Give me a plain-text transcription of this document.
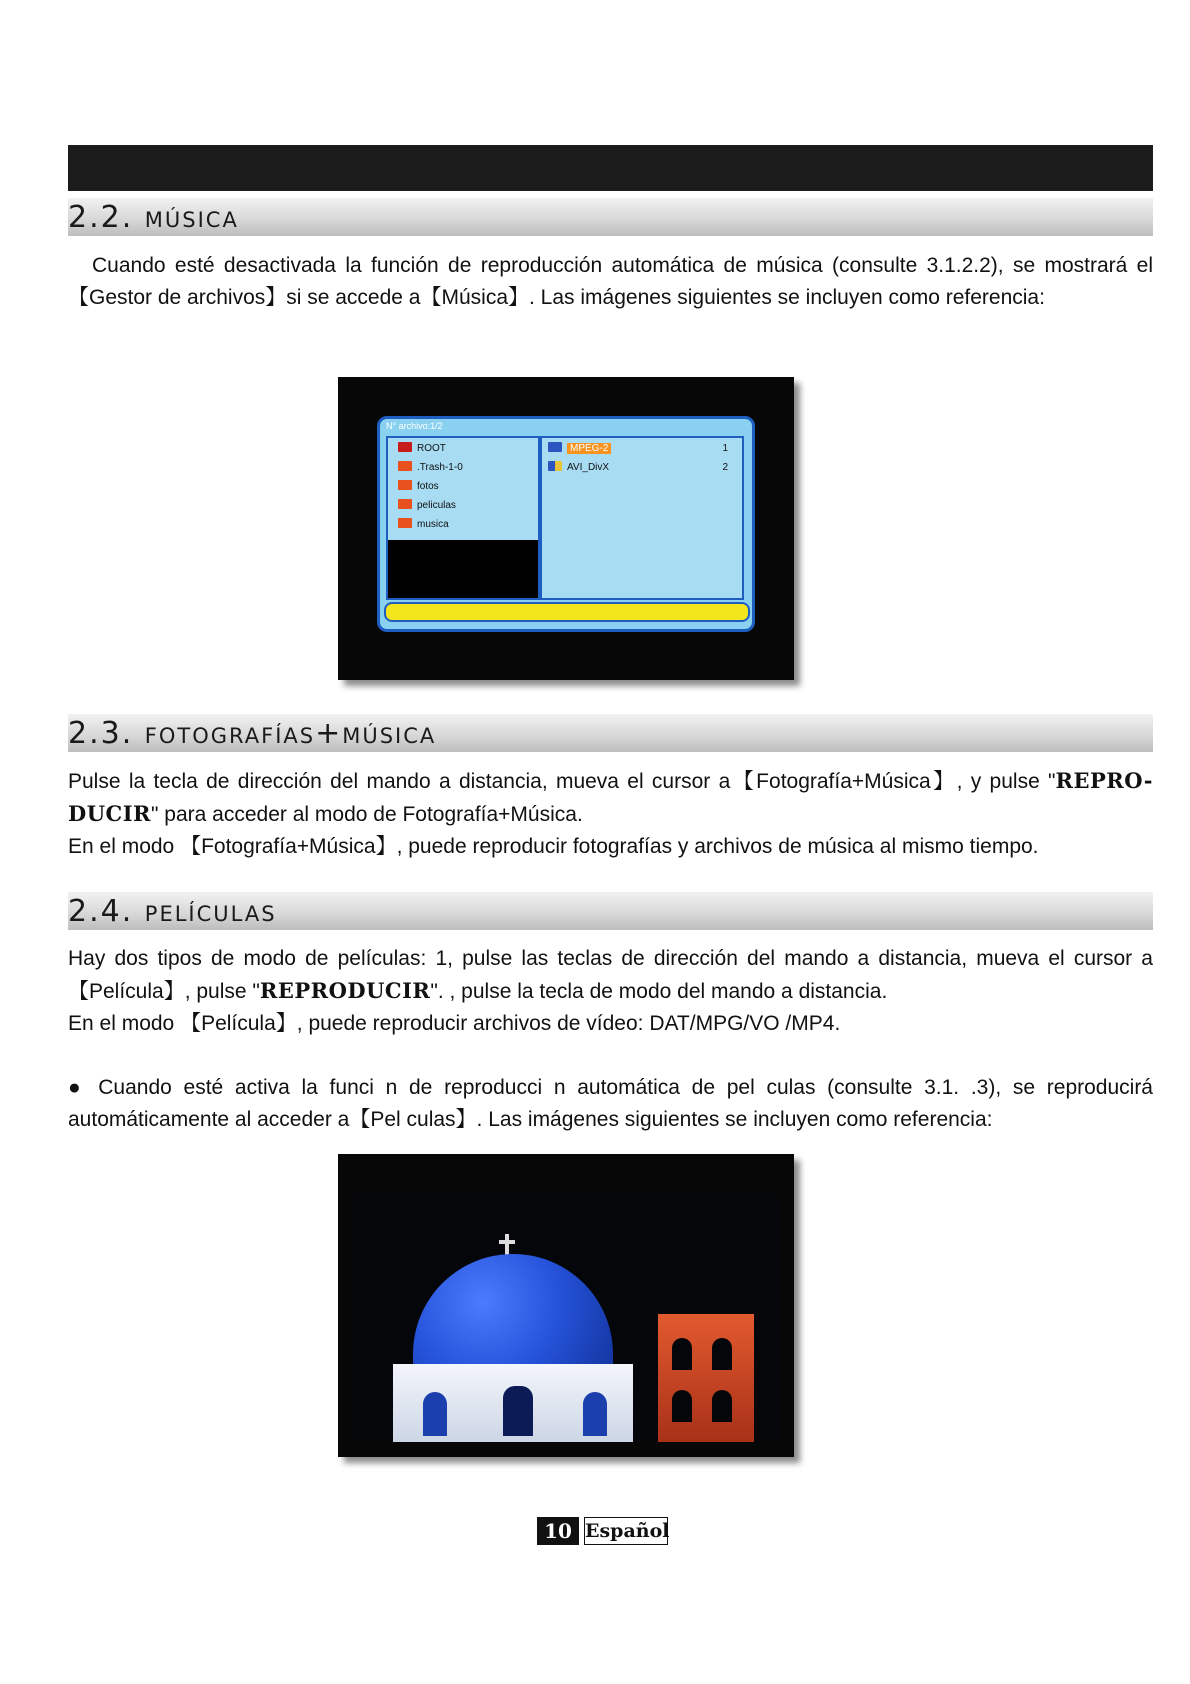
2.2. música

Cuando esté desactivada la función de reproducción automática de música (consulte 3.1.2.2), se mostrará el【Gestor de archivos】si se accede a【Música】. Las imágenes siguientes se incluyen como referencia:

N° archivo:1/2
ROOT
.Trash-1-0
fotos
peliculas
musica
MPEG-2	1
AVI_DivX	2
2.3. fotografías+música

Pulse la tecla de dirección del mando a distancia, mueva el cursor a【Fotografía+Música】, y pulse "REPRO-DUCIR" para acceder al modo de Fotografía+Música.

En el modo 【Fotografía+Música】, puede reproducir fotografías y archivos de música al mismo tiempo.

2.4. películas

Hay dos tipos de modo de películas: 1, pulse las teclas de dirección del mando a distancia, mueva el cursor a【Película】, pulse "REPRODUCIR". , pulse la tecla de modo del mando a distancia.

En el modo 【Película】, puede reproducir archivos de vídeo: DAT/MPG/VO /MP4.

● Cuando esté activa la funci n de reproducci n automática de pel culas (consulte 3.1. .3), se reproducirá automáticamente al acceder a【Pel culas】. Las imágenes siguientes se incluyen como referencia:

10 Español
